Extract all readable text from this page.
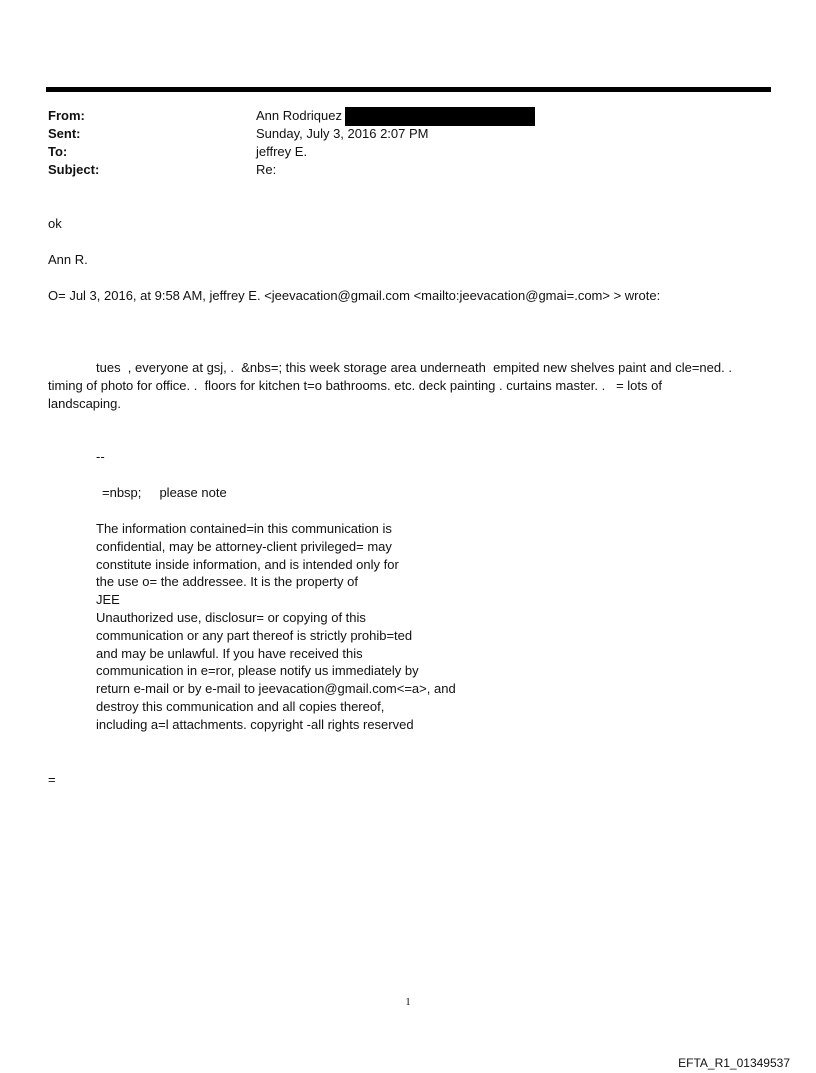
From:	Ann Rodriquez
Sent:	Sunday, July 3, 2016 2:07 PM
To:	jeffrey E.
Subject:	Re:
ok
Ann R.
O= Jul 3, 2016, at 9:58 AM, jeffrey E. <jeevacation@gmail.com <mailto:jeevacation@gmai=.com> > wrote:
tues  , everyone at gsj, .  &nbs=; this week storage area underneath  empited new shelves paint and cle=ned. .
timing of photo for office. .  floors for kitchen t=o bathrooms. etc. deck painting . curtains master. .   = lots of
landscaping.
--
=nbsp;     please note
The information contained=in this communication is
confidential, may be attorney-client privileged= may
constitute inside information, and is intended only for
the use o= the addressee. It is the property of
JEE
Unauthorized use, disclosur= or copying of this
communication or any part thereof is strictly prohib=ted
and may be unlawful. If you have received this
communication in e=ror, please notify us immediately by
return e-mail or by e-mail to jeevacation@gmail.com<=a>, and
destroy this communication and all copies thereof,
including a=l attachments. copyright -all rights reserved
=
1
EFTA_R1_01349537
